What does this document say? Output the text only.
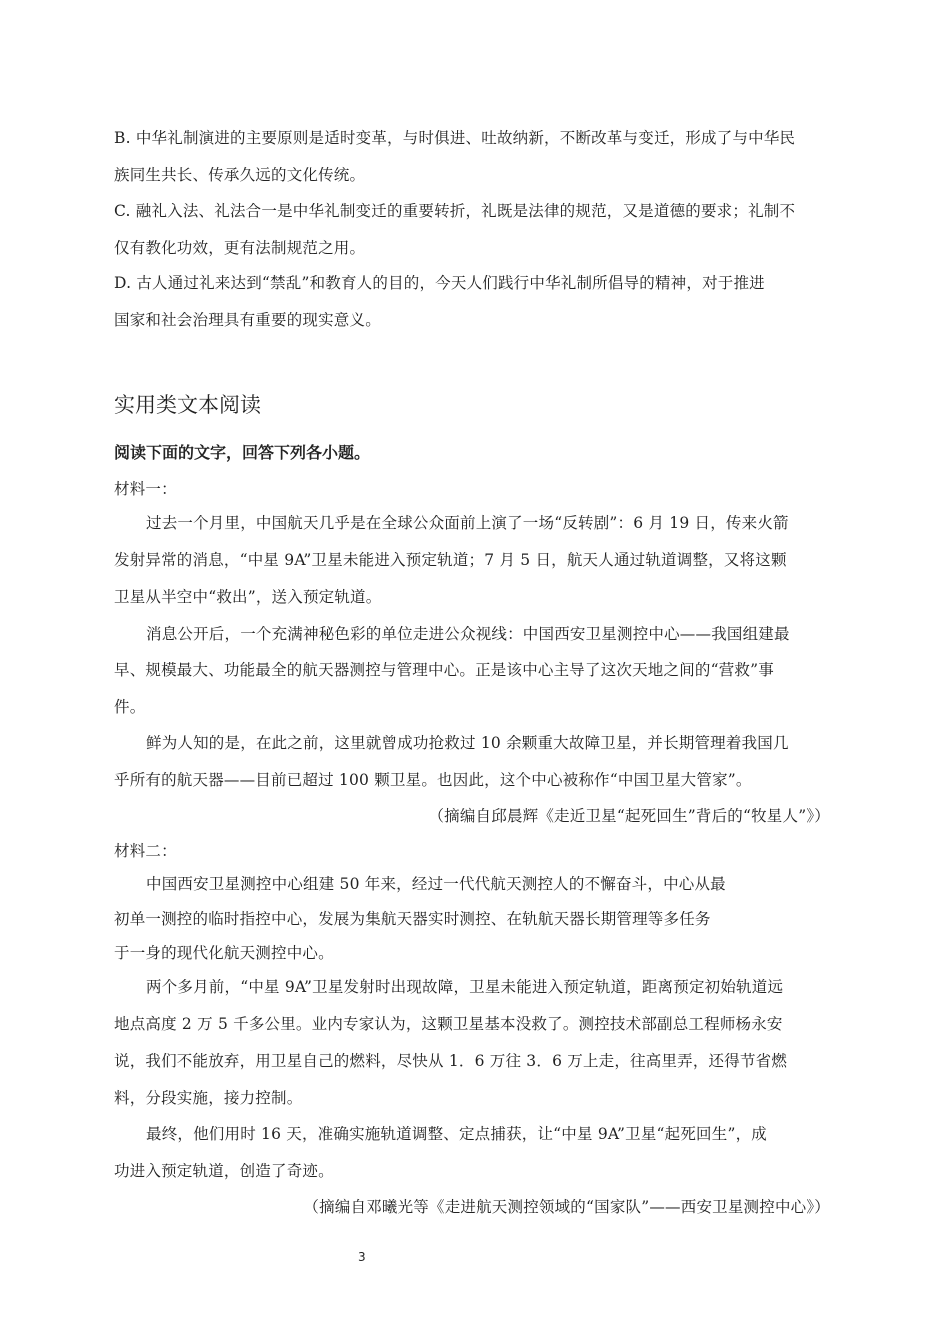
B. 中华礼制演进的主要原则是适时变革，与时俱进、吐故纳新，不断改革与变迁，形成了与中华民
族同生共长、传承久远的文化传统。
C. 融礼入法、礼法合一是中华礼制变迁的重要转折，礼既是法律的规范，又是道德的要求；礼制不
仅有教化功效，更有法制规范之用。
D. 古人通过礼来达到“禁乱”和教育人的目的，今天人们践行中华礼制所倡导的精神，对于推进
国家和社会治理具有重要的现实意义。
实用类文本阅读
阅读下面的文字，回答下列各小题。
材料一：
过去一个月里，中国航天几乎是在全球公众面前上演了一场“反转剧”：6 月 19 日，传来火箭
发射异常的消息，“中星 9A”卫星未能进入预定轨道；7 月 5 日，航天人通过轨道调整，又将这颗
卫星从半空中“救出”，送入预定轨道。
消息公开后，一个充满神秘色彩的单位走进公众视线：中国西安卫星测控中心——我国组建最
早、规模最大、功能最全的航天器测控与管理中心。正是该中心主导了这次天地之间的“营救”事
件。
鲜为人知的是，在此之前，这里就曾成功抢救过 10 余颗重大故障卫星，并长期管理着我国几
乎所有的航天器——目前已超过 100 颗卫星。也因此，这个中心被称作“中国卫星大管家”。
（摘编自邱晨辉《走近卫星“起死回生”背后的“牧星人”》）
材料二：
中国西安卫星测控中心组建 50 年来，经过一代代航天测控人的不懈奋斗，中心从最
初单一测控的临时指控中心，发展为集航天器实时测控、在轨航天器长期管理等多任务
于一身的现代化航天测控中心。
两个多月前，“中星 9A”卫星发射时出现故障，卫星未能进入预定轨道，距离预定初始轨道远
地点高度 2 万 5 千多公里。业内专家认为，这颗卫星基本没救了。测控技术部副总工程师杨永安
说，我们不能放弃，用卫星自己的燃料，尽快从 1．6 万往 3．6 万上走，往高里弄，还得节省燃
料，分段实施，接力控制。
最终，他们用时 16 天，准确实施轨道调整、定点捕获，让“中星 9A”卫星“起死回生”，成
功进入预定轨道，创造了奇迹。
（摘编自邓曦光等《走进航天测控领域的“国家队”——西安卫星测控中心》）
3
